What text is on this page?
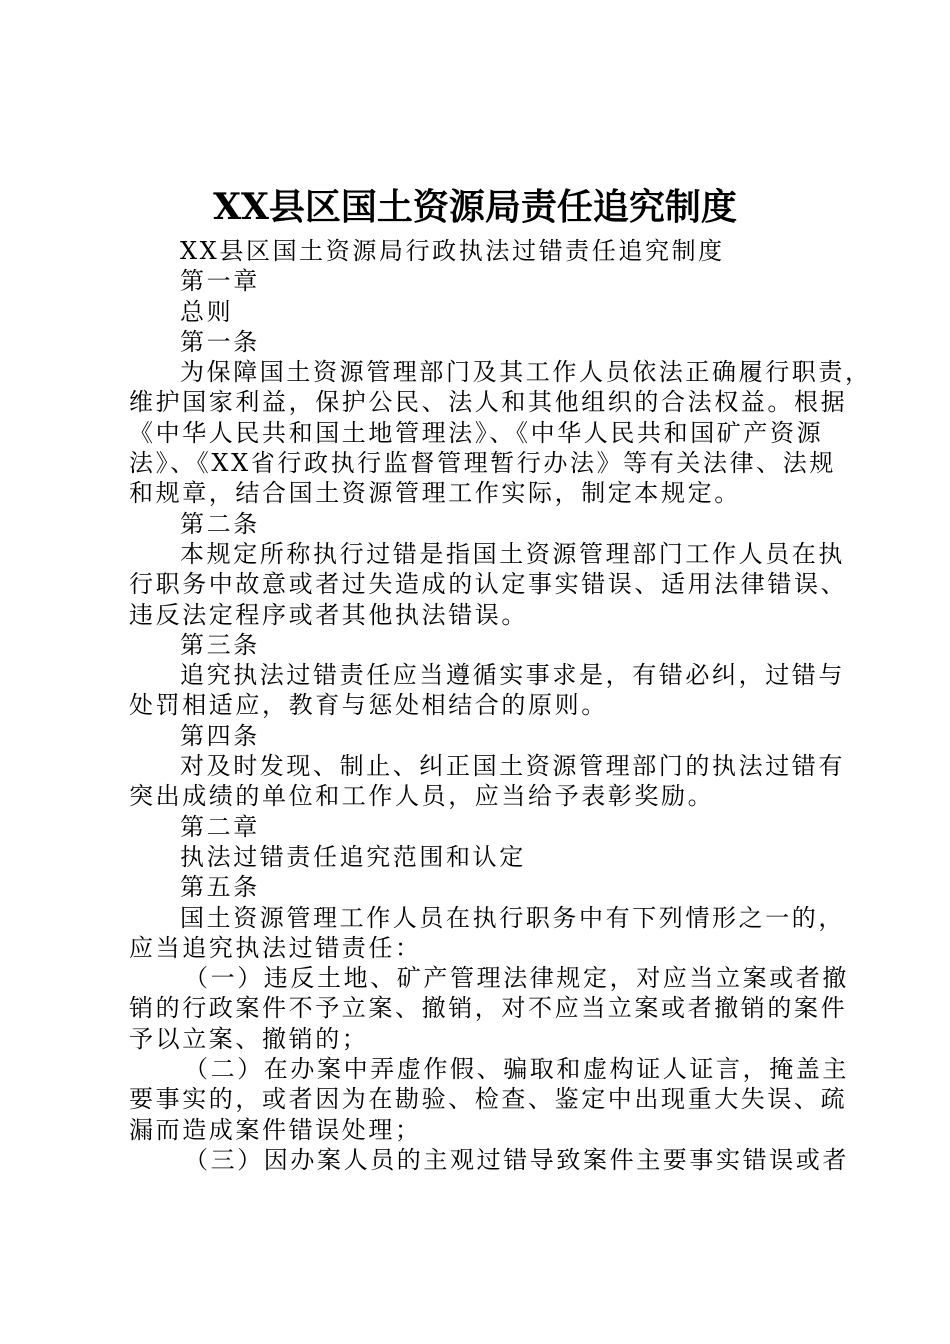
XX县区国土资源局责任追究制度

XX县区国土资源局行政执法过错责任追究制度

第一章

总则

第一条

为保障国土资源管理部门及其工作人员依法正确履行职责，

维护国家利益，保护公民、法人和其他组织的合法权益。根据

《中华人民共和国土地管理法》、《中华人民共和国矿产资源

法》、《XX省行政执行监督管理暂行办法》等有关法律、法规

和规章，结合国土资源管理工作实际，制定本规定。

第二条

本规定所称执行过错是指国土资源管理部门工作人员在执

行职务中故意或者过失造成的认定事实错误、适用法律错误、

违反法定程序或者其他执法错误。

第三条

追究执法过错责任应当遵循实事求是，有错必纠，过错与

处罚相适应，教育与惩处相结合的原则。

第四条

对及时发现、制止、纠正国土资源管理部门的执法过错有

突出成绩的单位和工作人员，应当给予表彰奖励。

第二章

执法过错责任追究范围和认定

第五条

国土资源管理工作人员在执行职务中有下列情形之一的，

应当追究执法过错责任：

（一）违反土地、矿产管理法律规定，对应当立案或者撤

销的行政案件不予立案、撤销，对不应当立案或者撤销的案件

予以立案、撤销的；

（二）在办案中弄虚作假、骗取和虚构证人证言，掩盖主

要事实的，或者因为在勘验、检查、鉴定中出现重大失误、疏

漏而造成案件错误处理；

（三）因办案人员的主观过错导致案件主要事实错误或者
